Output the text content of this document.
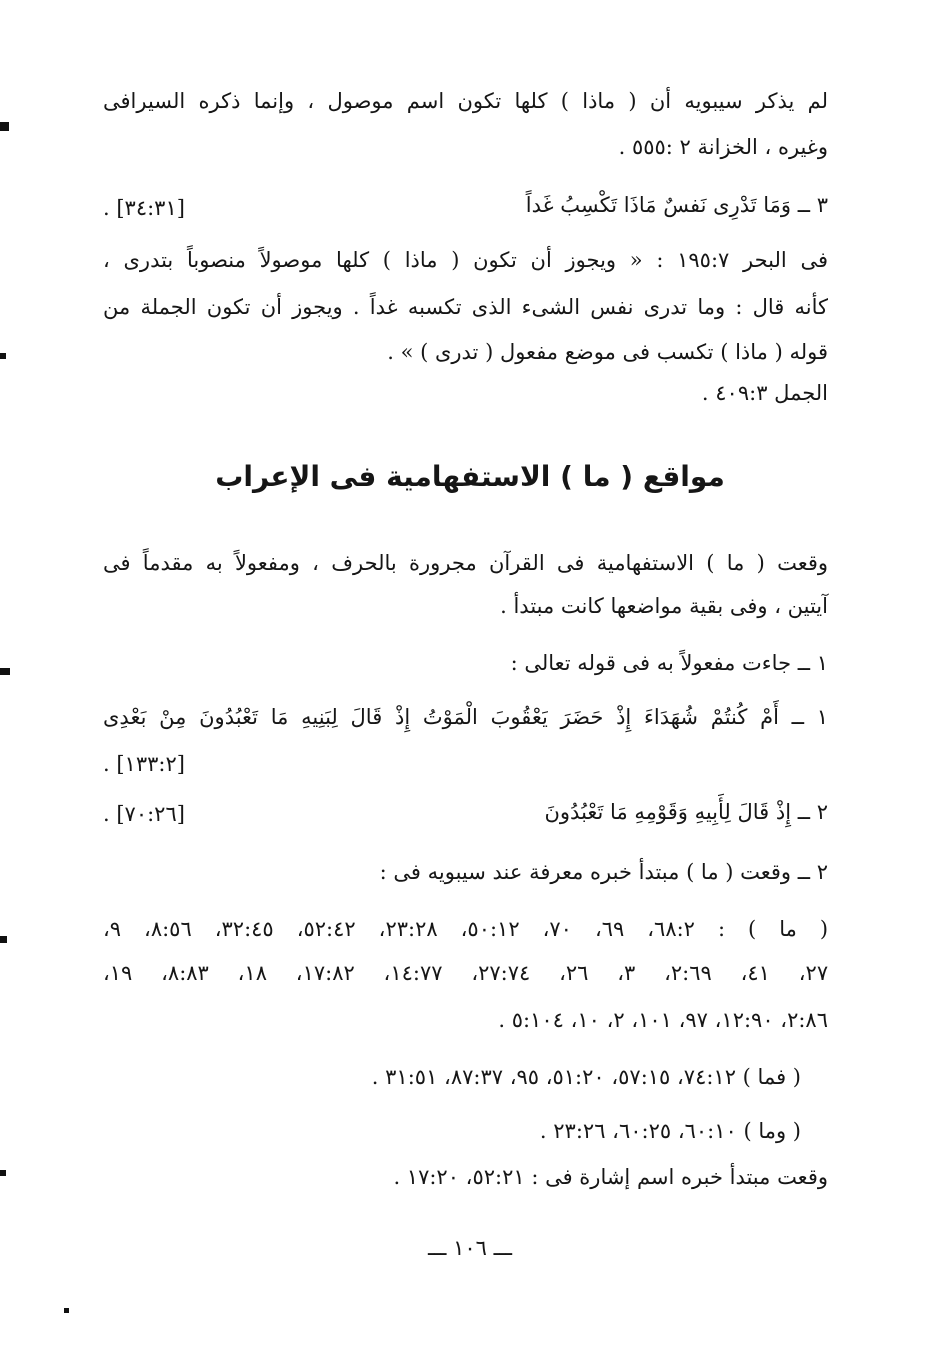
لم يذكر سيبويه أن ( ماذا ) كلها تكون اسم موصول ، وإنما ذكره السيرافى
وغيره ، الخزانة ٢ :٥٥٥ .
٣ ــ وَمَا تَدْرِى نَفسٌ مَاذَا تَكْسِبُ غَداً
[٣٤:٣١] .
فى البحر ١٩٥:٧ : « ويجوز أن تكون ( ماذا ) كلها موصولاً منصوباً بتدرى ،
كأنه قال : وما تدرى نفس الشىء الذى تكسبه غداً . ويجوز أن تكون الجملة من
قوله ( ماذا ) تكسب فى موضع مفعول ( تدرى ) » .
الجمل ٤٠٩:٣ .
مواقع ( ما ) الاستفهامية فى الإعراب
وقعت ( ما ) الاستفهامية فى القرآن مجرورة بالحرف ، ومفعولاً به مقدماً فى
آيتين ، وفى بقية مواضعها كانت مبتدأ .
١ ــ جاءت مفعولاً به فى قوله تعالى :
١ ــ أَمْ كُنتُمْ شُهَدَاءَ إِذْ حَضَرَ يَعْقُوبَ الْمَوْتُ إِذْ قَالَ لِبَنِيهِ مَا تَعْبُدُونَ مِنْ بَعْدِى
[١٣٣:٢] .
٢ ــ إِذْ قَالَ لِأَبِيهِ وَقَوْمِهِ مَا تَعْبُدُونَ
[٧٠:٢٦] .
٢ ــ وقعت ( ما ) مبتدأ خبره معرفة عند سيبويه فى :
( ما ) : ٦٨:٢، ٦٩، ٧٠، ٥٠:١٢، ٢٣:٢٨، ٥٢:٤٢، ٣٢:٤٥، ٨:٥٦، ٩،
٢٧، ٤١، ٢:٦٩، ٣، ٢٦، ٢٧:٧٤، ١٤:٧٧، ١٧:٨٢، ١٨، ٨:٨٣، ١٩،
٢:٨٦، ١٢:٩٠، ٩٧، ١٠١، ٢، ١٠، ٥:١٠٤ .
( فما ) ٧٤:١٢، ٥٧:١٥، ٥١:٢٠، ٩٥، ٨٧:٣٧، ٣١:٥١ .
( وما ) ٦٠:١٠، ٦٠:٢٥، ٢٣:٢٦ .
وقعت مبتدأ خبره اسم إشارة فى : ٥٢:٢١، ١٧:٢٠ .
ـــ ١٠٦ ـــ
